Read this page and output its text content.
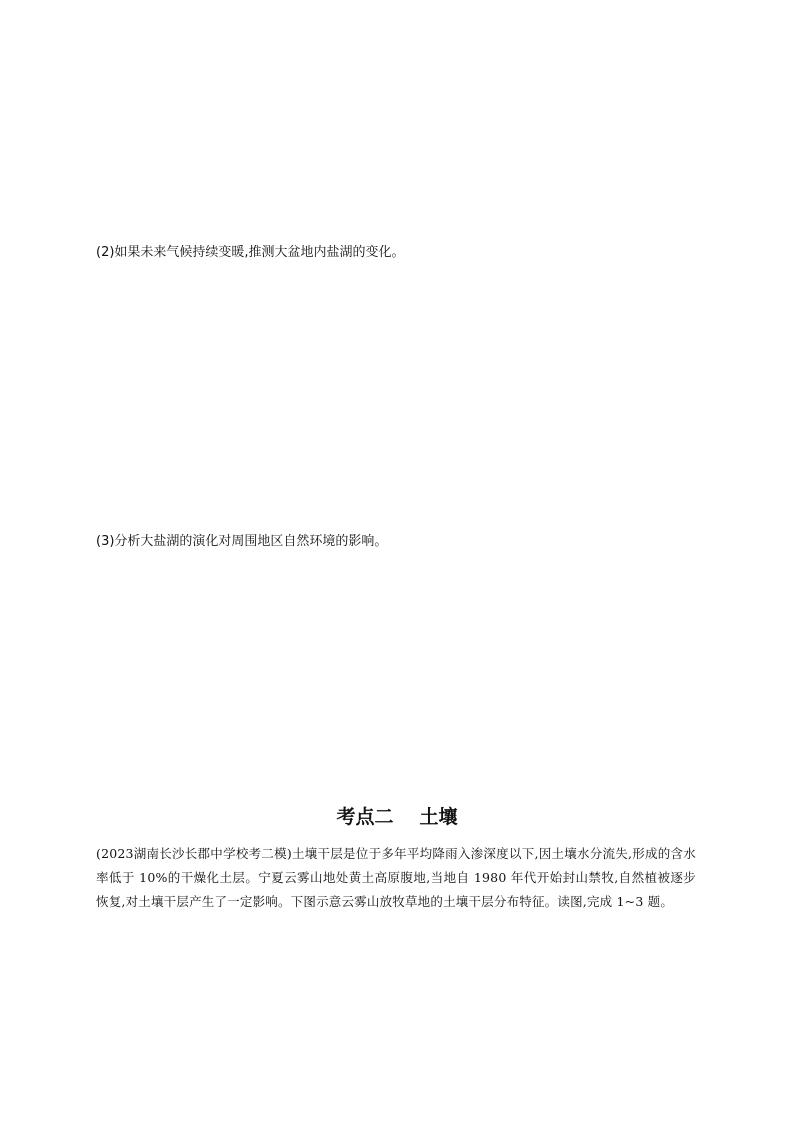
(2)如果未来气候持续变暖,推测大盆地内盐湖的变化。
(3)分析大盐湖的演化对周围地区自然环境的影响。
考点二 土壤
(2023湖南长沙长郡中学校考二模)土壤干层是位于多年平均降雨入渗深度以下,因土壤水分流失,形成的含水率低于 10%的干燥化土层。宁夏云雾山地处黄土高原腹地,当地自 1980 年代开始封山禁牧,自然植被逐步恢复,对土壤干层产生了一定影响。下图示意云雾山放牧草地的土壤干层分布特征。读图,完成 1~3 题。
